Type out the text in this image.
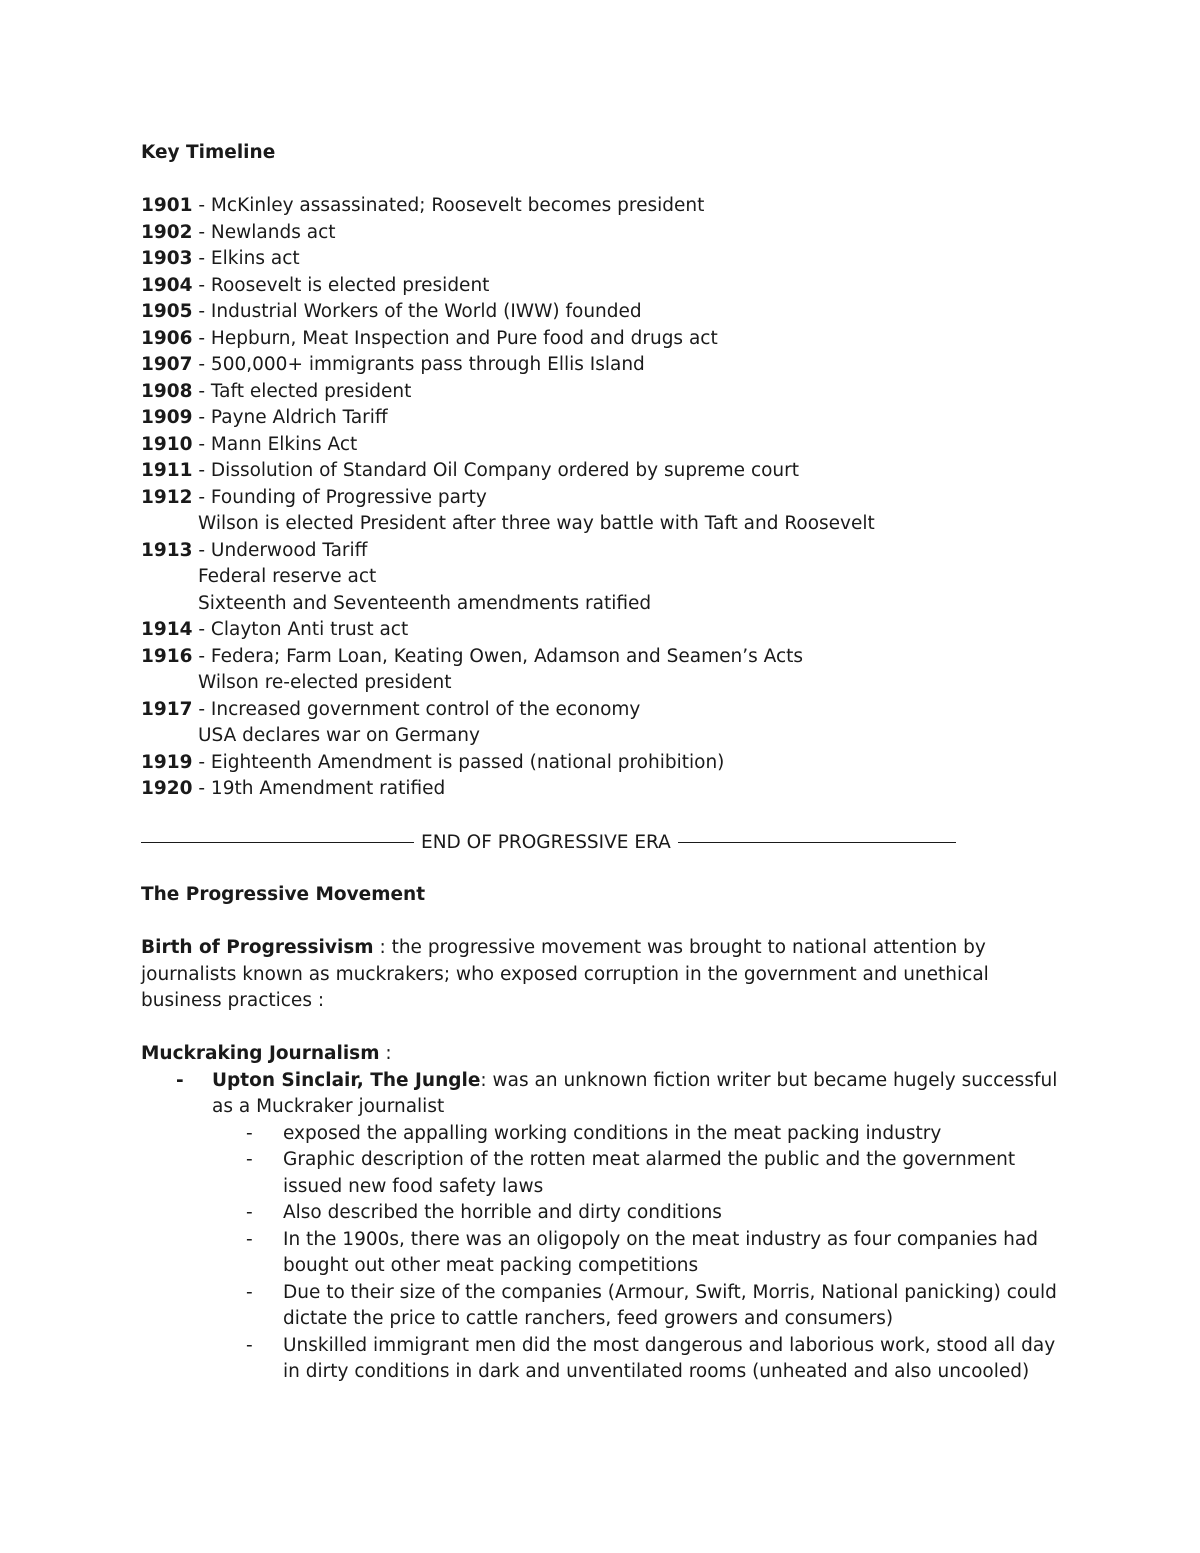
Key Timeline
1901 - McKinley assassinated; Roosevelt becomes president
1902 - Newlands act
1903 - Elkins act
1904 - Roosevelt is elected president
1905 - Industrial Workers of the World (IWW) founded
1906 - Hepburn, Meat Inspection and Pure food and drugs act
1907 - 500,000+ immigrants pass through Ellis Island
1908 - Taft elected president
1909 - Payne Aldrich Tariff
1910 - Mann Elkins Act
1911 - Dissolution of Standard Oil Company ordered by supreme court
1912 - Founding of Progressive party
Wilson is elected President after three way battle with Taft and Roosevelt
1913 - Underwood Tariff
Federal reserve act
Sixteenth and Seventeenth amendments ratified
1914 - Clayton Anti trust act
1916 - Federa; Farm Loan, Keating Owen, Adamson and Seamen’s Acts
Wilson re-elected president
1917 - Increased government control of the economy
USA declares war on Germany
1919 - Eighteenth Amendment is passed (national prohibition)
1920 - 19th Amendment ratified
END OF PROGRESSIVE ERA
The Progressive Movement
Birth of Progressivism : the progressive movement was brought to national attention by journalists known as muckrakers; who exposed corruption in the government and unethical business practices :
Muckraking Journalism :
- Upton Sinclair, The Jungle: was an unknown fiction writer but became hugely successful as a Muckraker journalist
- exposed the appalling working conditions in the meat packing industry
- Graphic description of the rotten meat alarmed the public and the government issued new food safety laws
- Also described the horrible and dirty conditions
- In the 1900s, there was an oligopoly on the meat industry as four companies had bought out other meat packing competitions
- Due to their size of the companies (Armour, Swift, Morris, National panicking) could dictate the price to cattle ranchers, feed growers and consumers)
- Unskilled immigrant men did the most dangerous and laborious work, stood all day in dirty conditions in dark and unventilated rooms (unheated and also uncooled)
